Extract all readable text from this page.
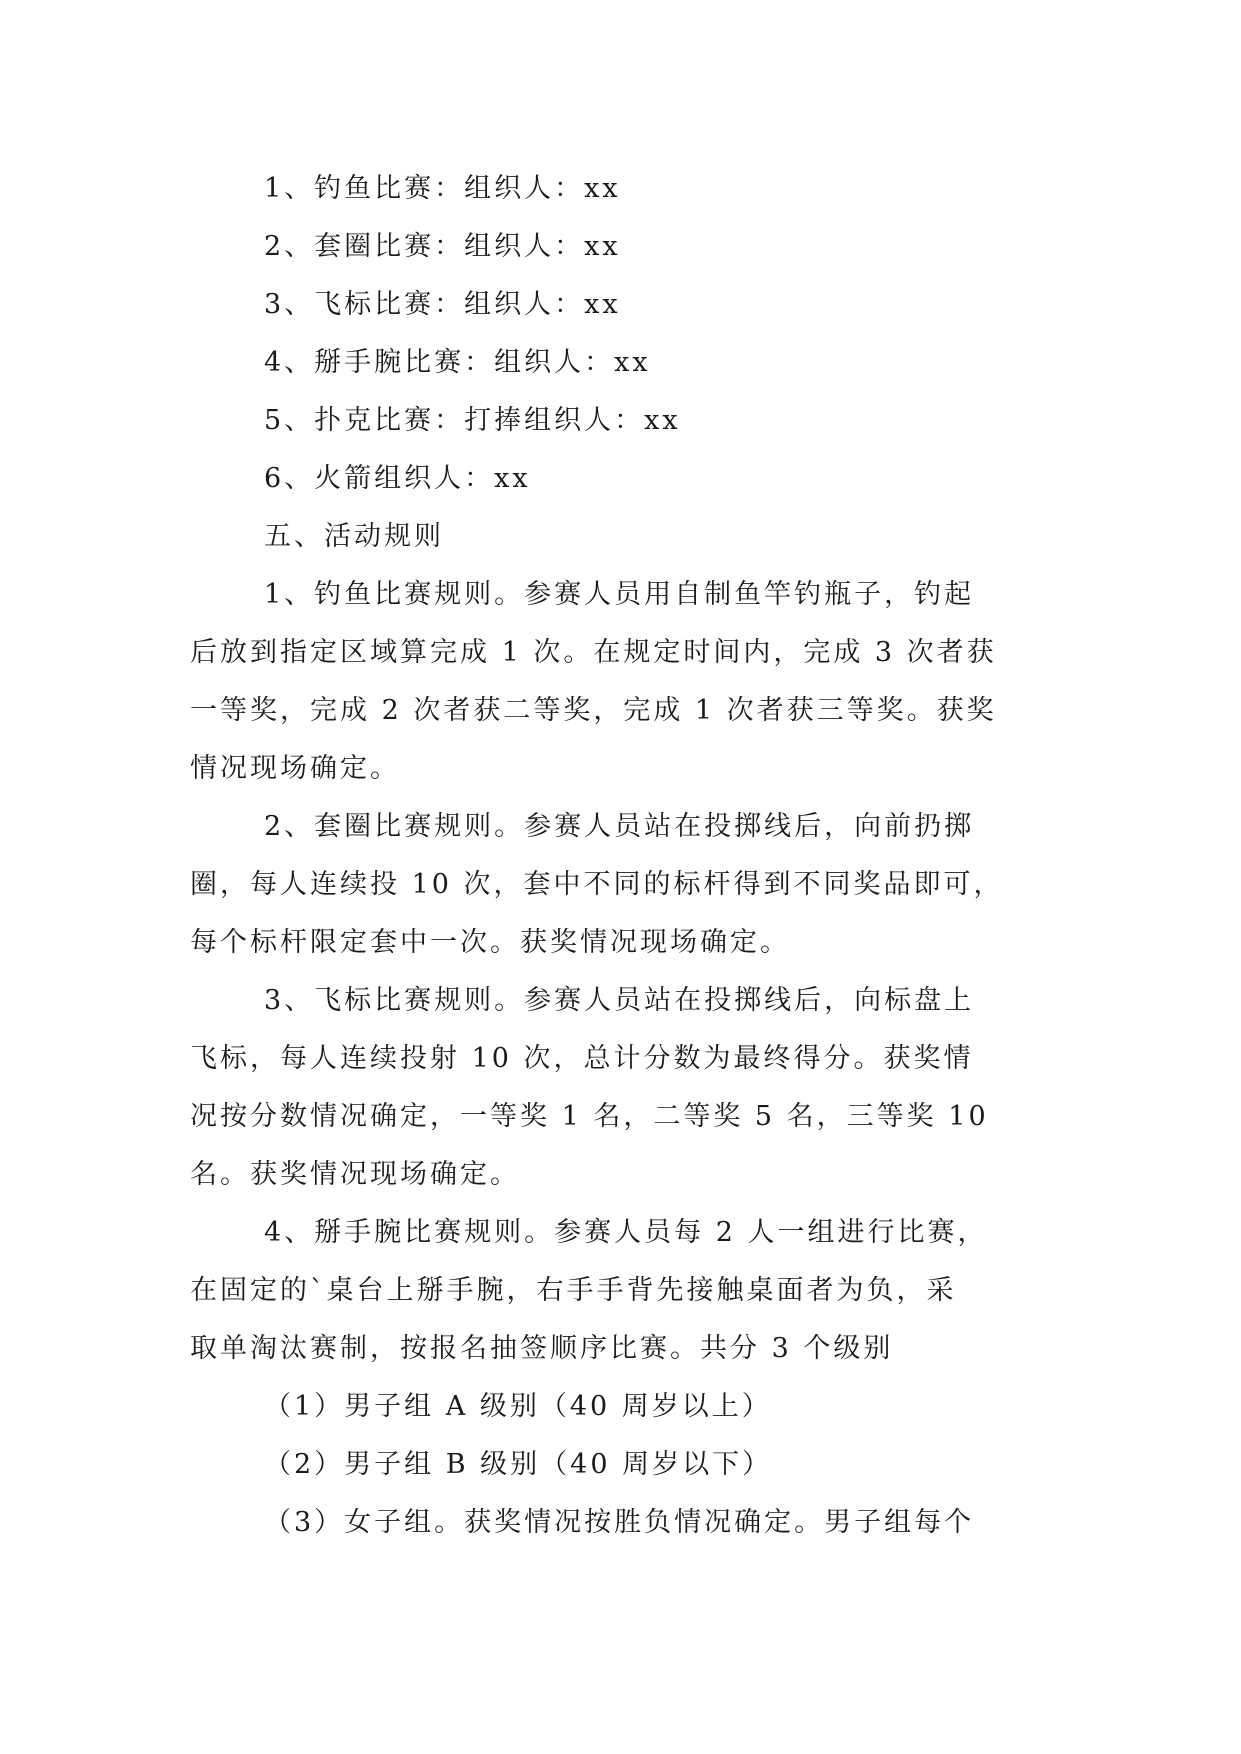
1、钓鱼比赛：组织人：xx
2、套圈比赛：组织人：xx
3、飞标比赛：组织人：xx
4、掰手腕比赛：组织人：xx
5、扑克比赛：打捧组织人：xx
6、火箭组织人：xx
五、活动规则
1、钓鱼比赛规则。参赛人员用自制鱼竿钓瓶子，钓起
后放到指定区域算完成 1 次。在规定时间内，完成 3 次者获
一等奖，完成 2 次者获二等奖，完成 1 次者获三等奖。获奖
情况现场确定。
2、套圈比赛规则。参赛人员站在投掷线后，向前扔掷
圈，每人连续投 10 次，套中不同的标杆得到不同奖品即可，
每个标杆限定套中一次。获奖情况现场确定。
3、飞标比赛规则。参赛人员站在投掷线后，向标盘上
飞标，每人连续投射 10 次，总计分数为最终得分。获奖情
况按分数情况确定，一等奖 1 名，二等奖 5 名，三等奖 10
名。获奖情况现场确定。
4、掰手腕比赛规则。参赛人员每 2 人一组进行比赛，
在固定的`桌台上掰手腕，右手手背先接触桌面者为负，采
取单淘汰赛制，按报名抽签顺序比赛。共分 3 个级别
（1）男子组 A 级别（40 周岁以上）
（2）男子组 B 级别（40 周岁以下）
（3）女子组。获奖情况按胜负情况确定。男子组每个
